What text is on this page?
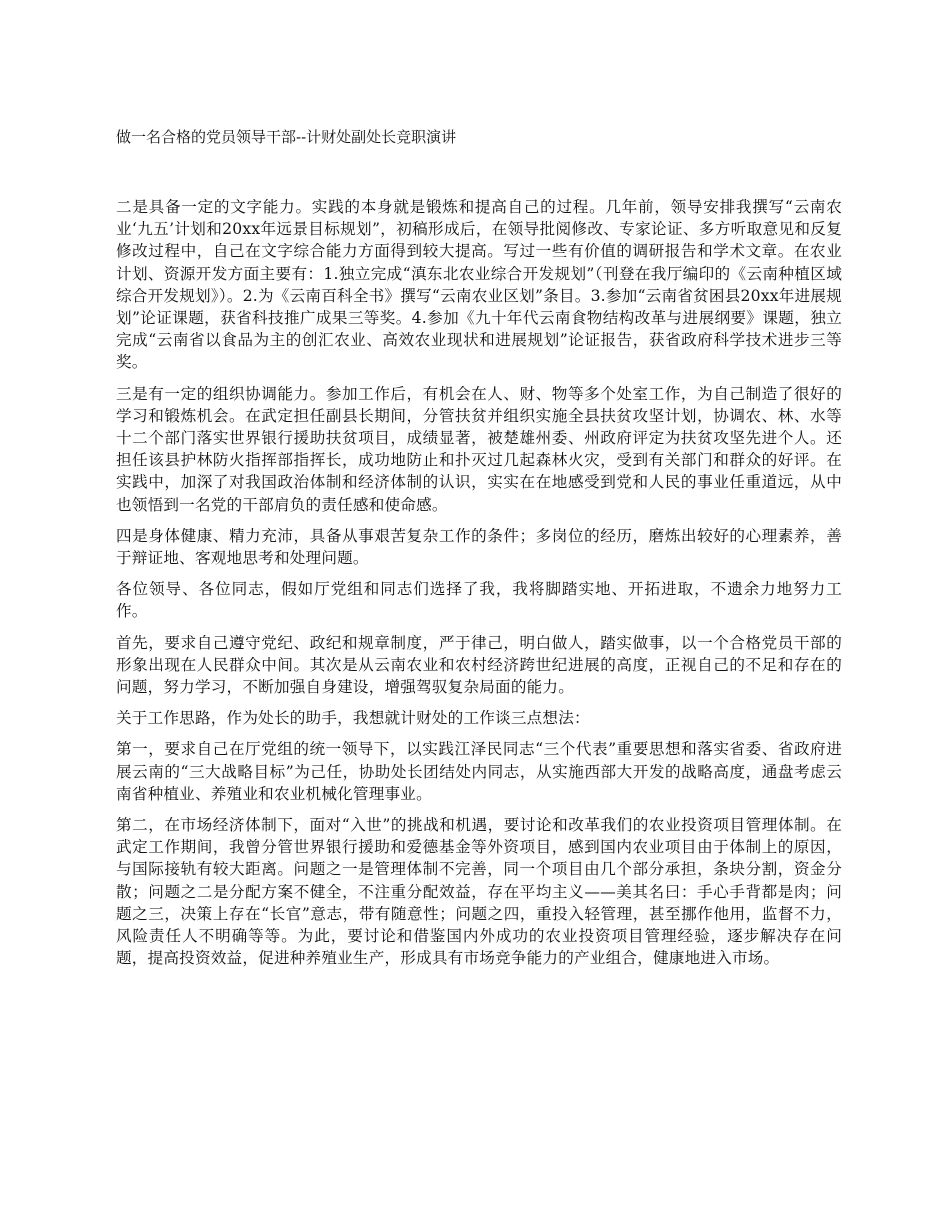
做一名合格的党员领导干部--计财处副处长竞职演讲

二是具备一定的文字能力。实践的本身就是锻炼和提高自己的过程。几年前，领导安排我撰写“云南农业‘九五’计划和20xx年远景目标规划”，初稿形成后，在领导批阅修改、专家论证、多方听取意见和反复修改过程中，自己在文字综合能力方面得到较大提高。写过一些有价值的调研报告和学术文章。在农业计划、资源开发方面主要有：1.独立完成“滇东北农业综合开发规划”（刊登在我厅编印的《云南种植区域综合开发规划》）。2.为《云南百科全书》撰写“云南农业区划”条目。3.参加“云南省贫困县20xx年进展规划”论证课题，获省科技推广成果三等奖。4.参加《九十年代云南食物结构改革与进展纲要》课题，独立完成“云南省以食品为主的创汇农业、高效农业现状和进展规划”论证报告，获省政府科学技术进步三等奖。

三是有一定的组织协调能力。参加工作后，有机会在人、财、物等多个处室工作，为自己制造了很好的学习和锻炼机会。在武定担任副县长期间，分管扶贫并组织实施全县扶贫攻坚计划，协调农、林、水等十二个部门落实世界银行援助扶贫项目，成绩显著，被楚雄州委、州政府评定为扶贫攻坚先进个人。还担任该县护林防火指挥部指挥长，成功地防止和扑灭过几起森林火灾，受到有关部门和群众的好评。在实践中，加深了对我国政治体制和经济体制的认识，实实在在地感受到党和人民的事业任重道远，从中也领悟到一名党的干部肩负的责任感和使命感。

四是身体健康、精力充沛，具备从事艰苦复杂工作的条件；多岗位的经历，磨炼出较好的心理素养，善于辩证地、客观地思考和处理问题。

各位领导、各位同志，假如厅党组和同志们选择了我，我将脚踏实地、开拓进取，不遗余力地努力工作。

首先，要求自己遵守党纪、政纪和规章制度，严于律己，明白做人，踏实做事，以一个合格党员干部的形象出现在人民群众中间。其次是从云南农业和农村经济跨世纪进展的高度，正视自己的不足和存在的问题，努力学习，不断加强自身建设，增强驾驭复杂局面的能力。

关于工作思路，作为处长的助手，我想就计财处的工作谈三点想法：

第一，要求自己在厅党组的统一领导下，以实践江泽民同志“三个代表”重要思想和落实省委、省政府进展云南的“三大战略目标”为己任，协助处长团结处内同志，从实施西部大开发的战略高度，通盘考虑云南省种植业、养殖业和农业机械化管理事业。

第二，在市场经济体制下，面对“入世”的挑战和机遇，要讨论和改革我们的农业投资项目管理体制。在武定工作期间，我曾分管世界银行援助和爱德基金等外资项目，感到国内农业项目由于体制上的原因，与国际接轨有较大距离。问题之一是管理体制不完善，同一个项目由几个部分承担，条块分割，资金分散；问题之二是分配方案不健全，不注重分配效益，存在平均主义——美其名曰：手心手背都是肉；问题之三，决策上存在“长官”意志，带有随意性；问题之四，重投入轻管理，甚至挪作他用，监督不力，风险责任人不明确等等。为此，要讨论和借鉴国内外成功的农业投资项目管理经验，逐步解决存在问题，提高投资效益，促进种养殖业生产，形成具有市场竞争能力的产业组合，健康地进入市场。
